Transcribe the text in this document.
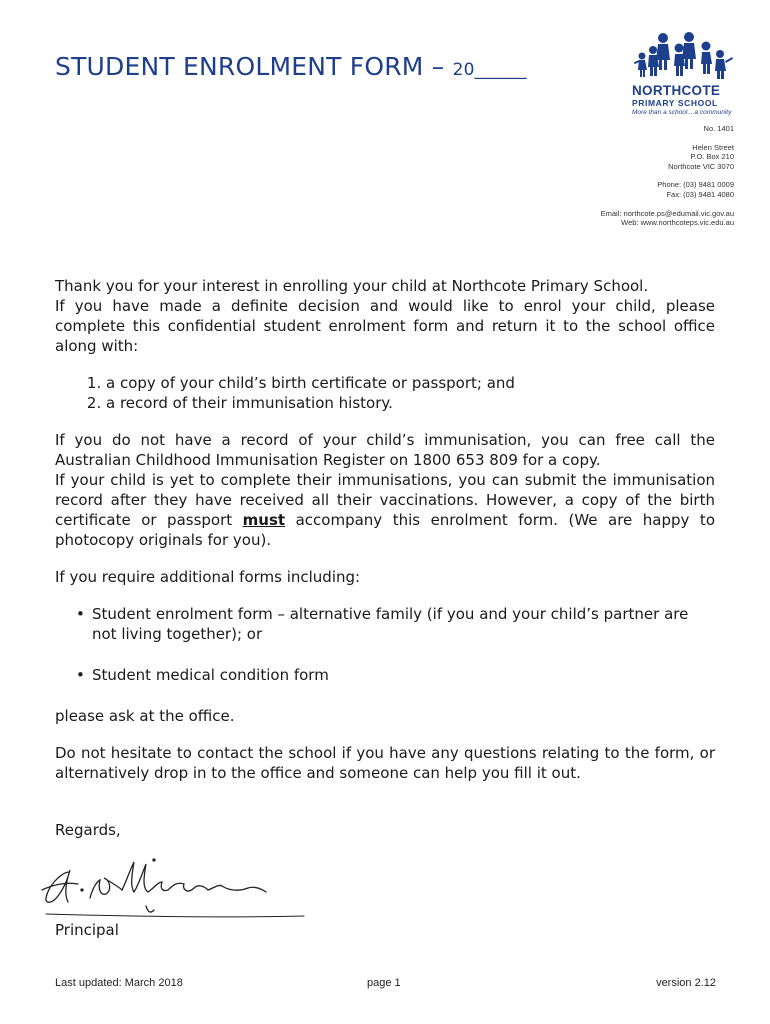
STUDENT ENROLMENT FORM – 20______
NORTHCOTE
PRIMARY SCHOOL
More than a school ...a community
No. 1401
Helen Street
P.O. Box 210
Northcote VIC 3070
Phone: (03) 9481 0009
Fax: (03) 9481 4080
Email: northcote.ps@edumail.vic.gov.au
Web: www.northcoteps.vic.edu.au

Thank you for your interest in enrolling your child at Northcote Primary School.

If you have made a definite decision and would like to enrol your child, please complete this confidential student enrolment form and return it to the school office along with:

1. a copy of your child’s birth certificate or passport; and
2. a record of their immunisation history.

If you do not have a record of your child’s immunisation, you can free call the Australian Childhood Immunisation Register on 1800 653 809 for a copy.

If your child is yet to complete their immunisations, you can submit the immunisation record after they have received all their vaccinations. However, a copy of the birth certificate or passport must accompany this enrolment form. (We are happy to photocopy originals for you).

If you require additional forms including:

• Student enrolment form – alternative family (if you and your child’s partner are not living together); or
• Student medical condition form

please ask at the office.

Do not hesitate to contact the school if you have any questions relating to the form, or alternatively drop in to the office and someone can help you fill it out.

Regards,

Principal
Last updated: March 2018	page 1	version 2.12
